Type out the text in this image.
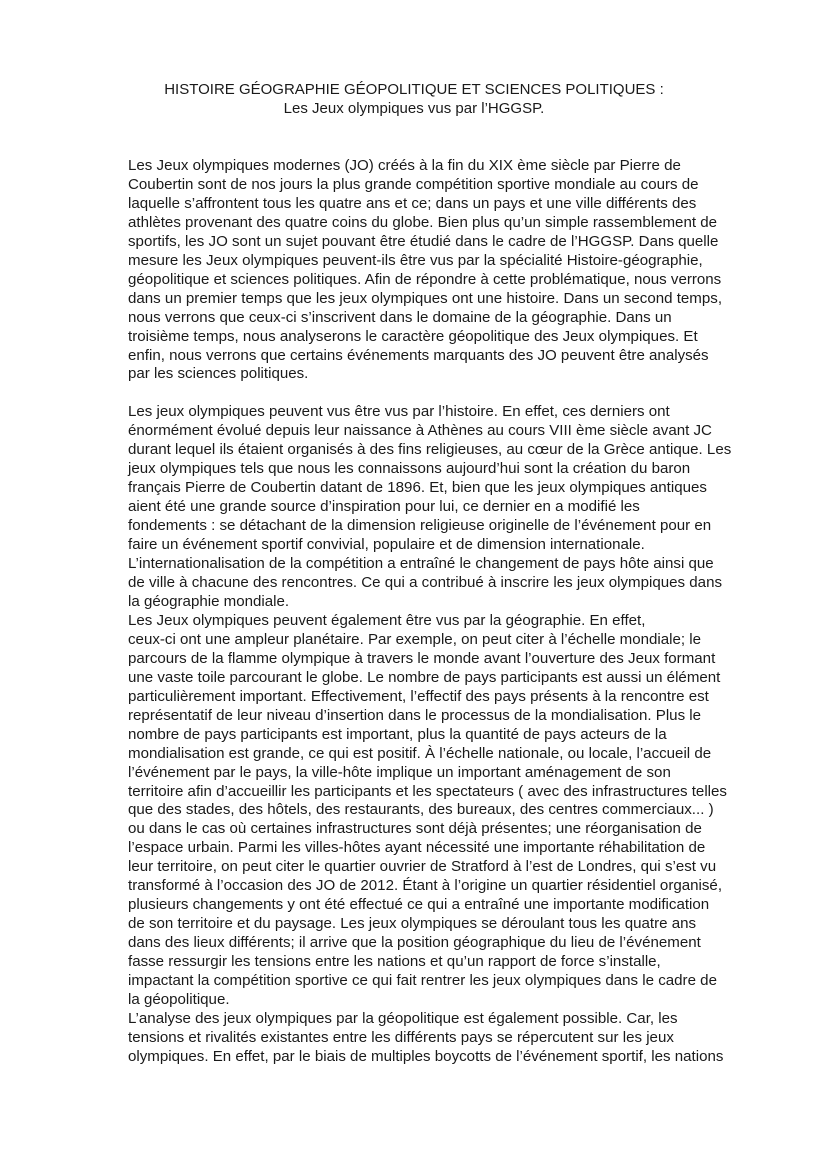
HISTOIRE GÉOGRAPHIE GÉOPOLITIQUE ET SCIENCES POLITIQUES :
Les Jeux olympiques vus par l’HGGSP.

Les Jeux olympiques modernes (JO) créés à la fin du XIX ème siècle par Pierre de
Coubertin sont de nos jours la plus grande compétition sportive mondiale au cours de
laquelle s’affrontent tous les quatre ans et ce; dans un pays et une ville différents des
athlètes provenant des quatre coins du globe. Bien plus qu’un simple rassemblement de
sportifs, les JO sont un sujet pouvant être étudié dans le cadre de l’HGGSP. Dans quelle
mesure les Jeux olympiques peuvent-ils être vus par la spécialité Histoire-géographie,
géopolitique et sciences politiques. Afin de répondre à cette problématique, nous verrons
dans un premier temps que les jeux olympiques ont une histoire. Dans un second temps,
nous verrons que ceux-ci s’inscrivent dans le domaine de la géographie. Dans un
troisième temps, nous analyserons le caractère géopolitique des Jeux olympiques. Et
enfin, nous verrons que certains événements marquants des JO peuvent être analysés
par les sciences politiques.

Les jeux olympiques peuvent vus être vus par l’histoire. En effet, ces derniers ont
énormément évolué depuis leur naissance à Athènes au cours VIII ème siècle avant JC
durant lequel ils étaient organisés à des fins religieuses, au cœur de la Grèce antique. Les
jeux olympiques tels que nous les connaissons aujourd’hui sont la création du baron
français Pierre de Coubertin datant de 1896. Et, bien que les jeux olympiques antiques
aient été une grande source d’inspiration pour lui, ce dernier en a modifié les
fondements : se détachant de la dimension religieuse originelle de l’événement pour en
faire un événement sportif convivial, populaire et de dimension internationale.
L’internationalisation de la compétition a entraîné le changement de pays hôte ainsi que
de ville à chacune des rencontres. Ce qui a contribué à inscrire les jeux olympiques dans
la géographie mondiale.

Les Jeux olympiques peuvent également être vus par la géographie. En effet,
ceux-ci ont une ampleur planétaire. Par exemple, on peut citer à l’échelle mondiale; le
parcours de la flamme olympique à travers le monde avant l’ouverture des Jeux formant
une vaste toile parcourant le globe. Le nombre de pays participants est aussi un élément
particulièrement important. Effectivement, l’effectif des pays présents à la rencontre est
représentatif de leur niveau d’insertion dans le processus de la mondialisation. Plus le
nombre de pays participants est important, plus la quantité de pays acteurs de la
mondialisation est grande, ce qui est positif. À l’échelle nationale, ou locale, l’accueil de
l’événement par le pays, la ville-hôte implique un important aménagement de son
territoire afin d’accueillir les participants et les spectateurs ( avec des infrastructures telles
que des stades, des hôtels, des restaurants, des bureaux, des centres commerciaux... )
ou dans le cas où certaines infrastructures sont déjà présentes; une réorganisation de
l’espace urbain. Parmi les villes-hôtes ayant nécessité une importante réhabilitation de
leur territoire, on peut citer le quartier ouvrier de Stratford à l’est de Londres, qui s’est vu
transformé à l’occasion des JO de 2012. Étant à l’origine un quartier résidentiel organisé,
plusieurs changements y ont été effectué ce qui a entraîné une importante modification
de son territoire et du paysage. Les jeux olympiques se déroulant tous les quatre ans
dans des lieux différents; il arrive que la position géographique du lieu de l’événement
fasse ressurgir les tensions entre les nations et qu’un rapport de force s’installe,
impactant la compétition sportive ce qui fait rentrer les jeux olympiques dans le cadre de
la géopolitique.

L’analyse des jeux olympiques par la géopolitique est également possible. Car, les
tensions et rivalités existantes entre les différents pays se répercutent sur les jeux
olympiques. En effet, par le biais de multiples boycotts de l’événement sportif, les nations
